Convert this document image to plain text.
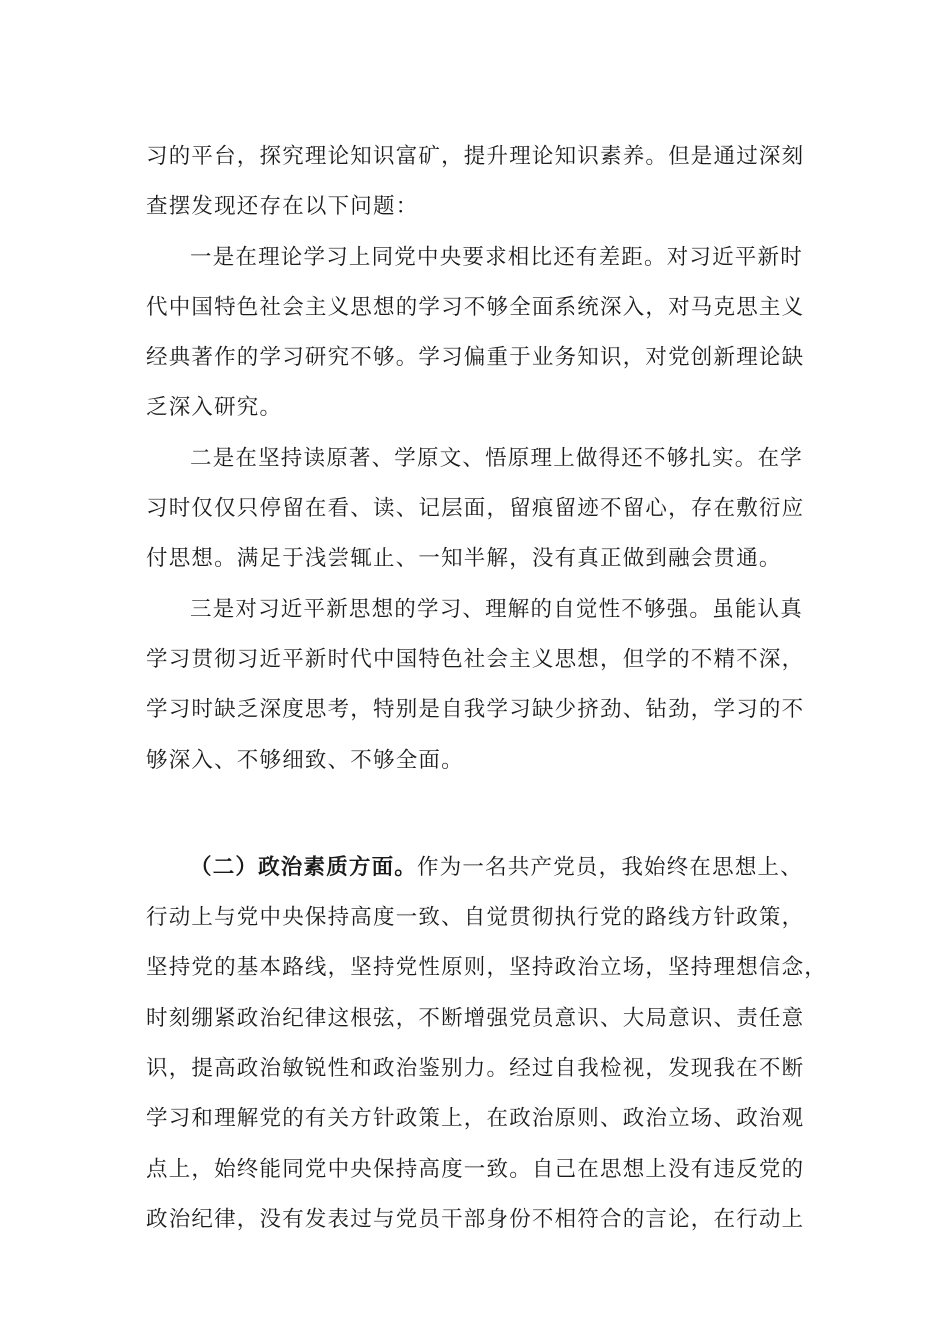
习的平台，探究理论知识富矿，提升理论知识素养。但是通过深刻
查摆发现还存在以下问题：
一是在理论学习上同党中央要求相比还有差距。对习近平新时
代中国特色社会主义思想的学习不够全面系统深入，对马克思主义
经典著作的学习研究不够。学习偏重于业务知识，对党创新理论缺
乏深入研究。
二是在坚持读原著、学原文、悟原理上做得还不够扎实。在学
习时仅仅只停留在看、读、记层面，留痕留迹不留心，存在敷衍应
付思想。满足于浅尝辄止、一知半解，没有真正做到融会贯通。
三是对习近平新思想的学习、理解的自觉性不够强。虽能认真
学习贯彻习近平新时代中国特色社会主义思想，但学的不精不深，
学习时缺乏深度思考，特别是自我学习缺少挤劲、钻劲，学习的不
够深入、不够细致、不够全面。
（二）政治素质方面。作为一名共产党员，我始终在思想上、
行动上与党中央保持高度一致、自觉贯彻执行党的路线方针政策，
坚持党的基本路线，坚持党性原则，坚持政治立场，坚持理想信念，
时刻绷紧政治纪律这根弦，不断增强党员意识、大局意识、责任意
识，提高政治敏锐性和政治鉴别力。经过自我检视，发现我在不断
学习和理解党的有关方针政策上，在政治原则、政治立场、政治观
点上，始终能同党中央保持高度一致。自己在思想上没有违反党的
政治纪律，没有发表过与党员干部身份不相符合的言论，在行动上
